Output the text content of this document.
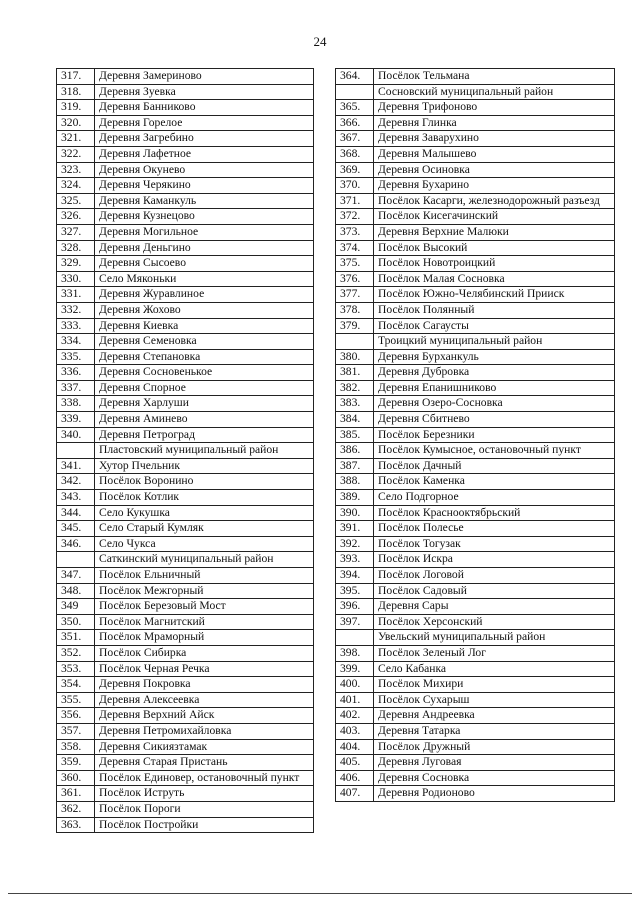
24
317.	Деревня Замериново
318.	Деревня Зуевка
319.	Деревня Банниково
320.	Деревня Горелое
321.	Деревня Загребино
322.	Деревня Лафетное
323.	Деревня Окунево
324.	Деревня Черякино
325.	Деревня Каманкуль
326.	Деревня Кузнецово
327.	Деревня Могильное
328.	Деревня Деньгино
329.	Деревня Сысоево
330.	Село Мяконьки
331.	Деревня Журавлиное
332.	Деревня Жохово
333.	Деревня Киевка
334.	Деревня Семеновка
335.	Деревня Степановка
336.	Деревня Сосновенькое
337.	Деревня Спорное
338.	Деревня Харлуши
339.	Деревня Аминево
340.	Деревня Петроград
	Пластовский муниципальный район
341.	Хутор Пчельник
342.	Посёлок Воронино
343.	Посёлок Котлик
344.	Село Кукушка
345.	Село Старый Кумляк
346.	Село Чукса
	Саткинский муниципальный район
347.	Посёлок Ельничный
348.	Посёлок Межгорный
349	Посёлок Березовый Мост
350.	Посёлок Магнитский
351.	Посёлок Мраморный
352.	Посёлок Сибирка
353.	Посёлок Черная Речка
354.	Деревня Покровка
355.	Деревня Алексеевка
356.	Деревня Верхний Айск
357.	Деревня Петромихайловка
358.	Деревня Сикиязтамак
359.	Деревня Старая Пристань
360.	Посёлок Единовер, остановочный пункт
361.	Посёлок Иструть
362.	Посёлок Пороги
363.	Посёлок Постройки
364.	Посёлок Тельмана
	Сосновский муниципальный район
365.	Деревня Трифоново
366.	Деревня Глинка
367.	Деревня Заварухино
368.	Деревня Малышево
369.	Деревня Осиновка
370.	Деревня Бухарино
371.	Посёлок Касарги, железнодорожный разъезд
372.	Посёлок Кисегачинский
373.	Деревня Верхние Малюки
374.	Посёлок Высокий
375.	Посёлок Новотроицкий
376.	Посёлок Малая Сосновка
377.	Посёлок Южно-Челябинский Прииск
378.	Посёлок Полянный
379.	Посёлок Сагаусты
	Троицкий муниципальный район
380.	Деревня Бурханкуль
381.	Деревня Дубровка
382.	Деревня Епанишниково
383.	Деревня Озеро-Сосновка
384.	Деревня Сбитнево
385.	Посёлок Березники
386.	Посёлок Кумысное, остановочный пункт
387.	Посёлок Дачный
388.	Посёлок Каменка
389.	Село Подгорное
390.	Посёлок Краснооктябрьский
391.	Посёлок Полесье
392.	Посёлок Тогузак
393.	Посёлок Искра
394.	Посёлок Логовой
395.	Посёлок Садовый
396.	Деревня Сары
397.	Посёлок Херсонский
	Увельский муниципальный район
398.	Посёлок Зеленый Лог
399.	Село Кабанка
400.	Посёлок Михири
401.	Посёлок Сухарыш
402.	Деревня Андреевка
403.	Деревня Татарка
404.	Посёлок Дружный
405.	Деревня Луговая
406.	Деревня Сосновка
407.	Деревня Родионово
